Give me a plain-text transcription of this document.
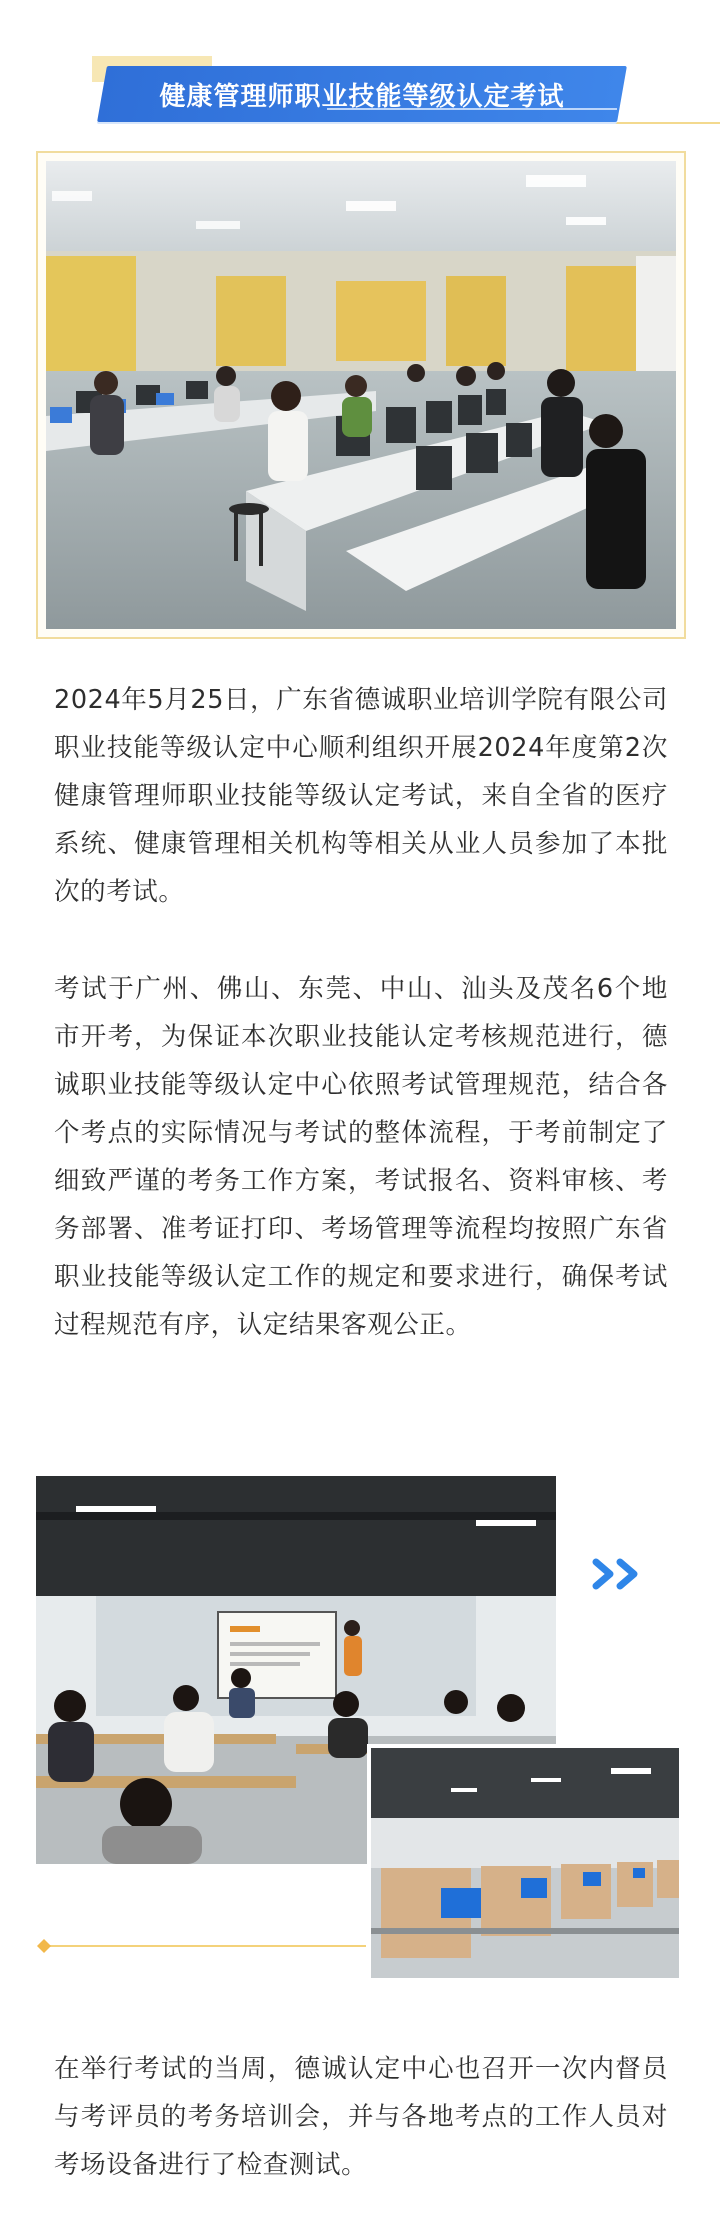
健康管理师职业技能等级认定考试

2024年5月25日，广东省德诚职业培训学院有限公司职业技能等级认定中心顺利组织开展2024年度第2次健康管理师职业技能等级认定考试，来自全省的医疗系统、健康管理相关机构等相关从业人员参加了本批次的考试。

考试于广州、佛山、东莞、中山、汕头及茂名6个地市开考，为保证本次职业技能认定考核规范进行，德诚职业技能等级认定中心依照考试管理规范，结合各个考点的实际情况与考试的整体流程，于考前制定了细致严谨的考务工作方案，考试报名、资料审核、考务部署、准考证打印、考场管理等流程均按照广东省职业技能等级认定工作的规定和要求进行，确保考试过程规范有序，认定结果客观公正。

在举行考试的当周，德诚认定中心也召开一次内督员与考评员的考务培训会，并与各地考点的工作人员对考场设备进行了检查测试。
